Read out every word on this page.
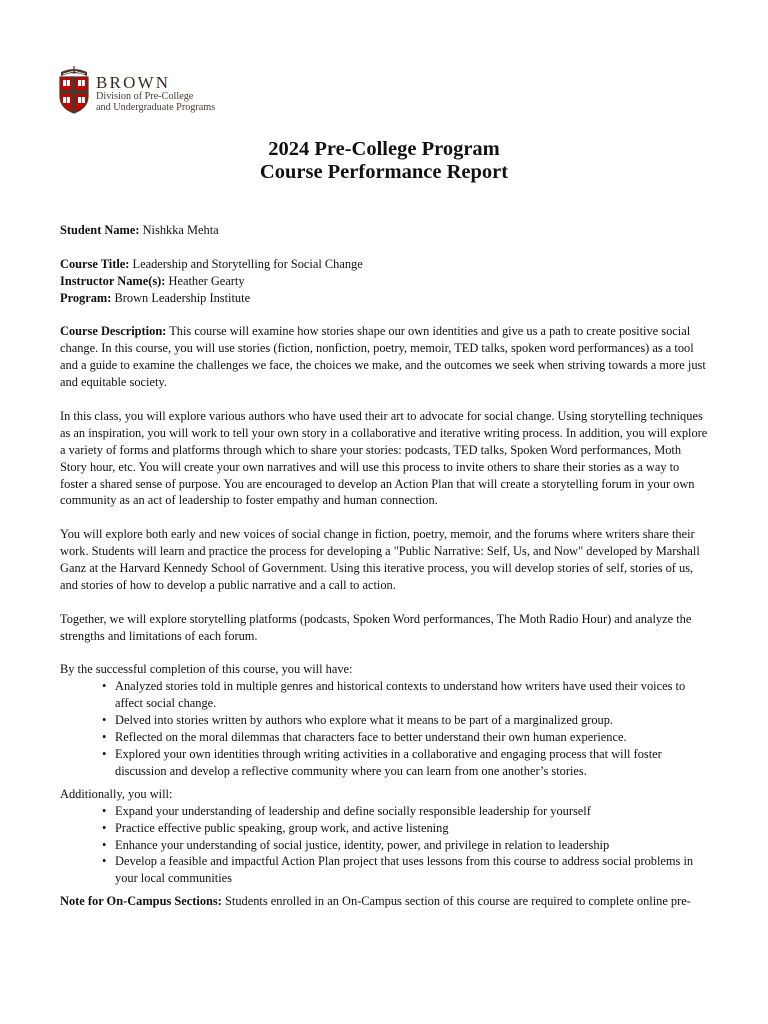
BROWN
Division of Pre-College
and Undergraduate Programs
2024 Pre-College Program
Course Performance Report

Student Name: Nishkka Mehta

Course Title: Leadership and Storytelling for Social Change

Instructor Name(s): Heather Gearty

Program: Brown Leadership Institute

Course Description: This course will examine how stories shape our own identities and give us a path to create positive social change. In this course, you will use stories (fiction, nonfiction, poetry, memoir, TED talks, spoken word performances) as a tool and a guide to examine the challenges we face, the choices we make, and the outcomes we seek when striving towards a more just and equitable society.

In this class, you will explore various authors who have used their art to advocate for social change. Using storytelling techniques as an inspiration, you will work to tell your own story in a collaborative and iterative writing process. In addition, you will explore a variety of forms and platforms through which to share your stories: podcasts, TED talks, Spoken Word performances, Moth Story hour, etc. You will create your own narratives and will use this process to invite others to share their stories as a way to foster a shared sense of purpose. You are encouraged to develop an Action Plan that will create a storytelling forum in your own community as an act of leadership to foster empathy and human connection.

You will explore both early and new voices of social change in fiction, poetry, memoir, and the forums where writers share their work. Students will learn and practice the process for developing a "Public Narrative: Self, Us, and Now" developed by Marshall Ganz at the Harvard Kennedy School of Government. Using this iterative process, you will develop stories of self, stories of us, and stories of how to develop a public narrative and a call to action.

Together, we will explore storytelling platforms (podcasts, Spoken Word performances, The Moth Radio Hour) and analyze the strengths and limitations of each forum.

By the successful completion of this course, you will have:

• Analyzed stories told in multiple genres and historical contexts to understand how writers have used their voices to affect social change.
• Delved into stories written by authors who explore what it means to be part of a marginalized group.
• Reflected on the moral dilemmas that characters face to better understand their own human experience.
• Explored your own identities through writing activities in a collaborative and engaging process that will foster discussion and develop a reflective community where you can learn from one another’s stories.

Additionally, you will:

• Expand your understanding of leadership and define socially responsible leadership for yourself
• Practice effective public speaking, group work, and active listening
• Enhance your understanding of social justice, identity, power, and privilege in relation to leadership
• Develop a feasible and impactful Action Plan project that uses lessons from this course to address social problems in your local communities

Note for On-Campus Sections: Students enrolled in an On-Campus section of this course are required to complete online pre-
